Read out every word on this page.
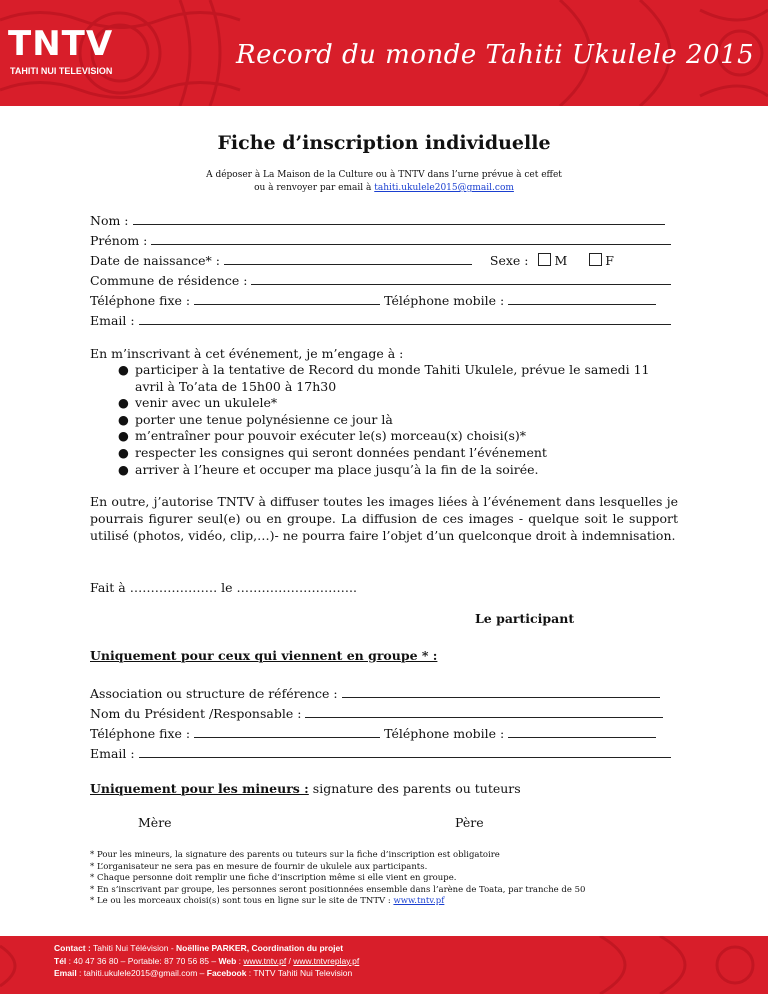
TNTV
TAHITI NUI TELEVISION
Record du monde Tahiti Ukulele 2015
Fiche d’inscription individuelle
A déposer à La Maison de la Culture ou à TNTV dans l’urne prévue à cet effet
ou à renvoyer par email à tahiti.ukulele2015@gmail.com
Nom :
Prénom :
Date de naissance* :	Sexe : M	F
Commune de résidence :
Téléphone fixe :	Téléphone mobile :
Email :
En m’inscrivant à cet événement, je m’engage à :
● participer à la tentative de Record du monde Tahiti Ukulele, prévue le samedi 11
avril à To’ata de 15h00 à 17h30
● venir avec un ukulele*
● porter une tenue polynésienne ce jour là
● m’entraîner pour pouvoir exécuter le(s) morceau(x) choisi(s)*
● respecter les consignes qui seront données pendant l’événement
● arriver à l’heure et occuper ma place jusqu’à la fin de la soirée.
En outre, j’autorise TNTV à diffuser toutes les images liées à l’événement dans lesquelles je pourrais figurer seul(e) ou en groupe. La diffusion de ces images - quelque soit le support utilisé (photos, vidéo, clip,…)- ne pourra faire l’objet d’un quelconque droit à indemnisation.
Fait à ………………… le ………………………..
Le participant
Uniquement pour ceux qui viennent en groupe * :
Association ou structure de référence :
Nom du Président /Responsable :
Téléphone fixe :	Téléphone mobile :
Email :
Uniquement pour les mineurs : signature des parents ou tuteurs
Mère	Père
* Pour les mineurs, la signature des parents ou tuteurs sur la fiche d’inscription est obligatoire
* L’organisateur ne sera pas en mesure de fournir de ukulele aux participants.
* Chaque personne doit remplir une fiche d’inscription même si elle vient en groupe.
* En s’inscrivant par groupe, les personnes seront positionnées ensemble dans l’arène de Toata, par tranche de 50
* Le ou les morceaux choisi(s) sont tous en ligne sur le site de TNTV : www.tntv.pf
Contact : Tahiti Nui Télévision - Noëlline PARKER, Coordination du projet
Tél : 40 47 36 80 – Portable: 87 70 56 85 – Web : www.tntv.pf / www.tntvreplay.pf
Email : tahiti.ukulele2015@gmail.com – Facebook : TNTV Tahiti Nui Television
